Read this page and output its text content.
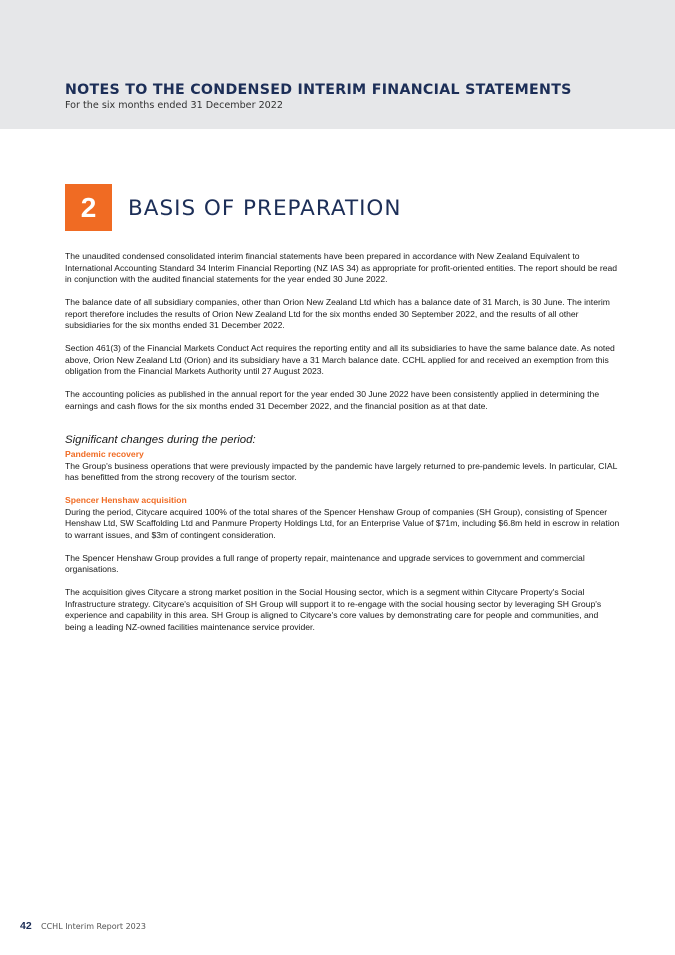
NOTES TO THE CONDENSED INTERIM FINANCIAL STATEMENTS

For the six months ended 31 December 2022

2	BASIS OF PREPARATION

The unaudited condensed consolidated interim financial statements have been prepared in accordance with New Zealand Equivalent to International Accounting Standard 34 Interim Financial Reporting (NZ IAS 34) as appropriate for profit-oriented entities. The report should be read in conjunction with the audited financial statements for the year ended 30 June 2022.

The balance date of all subsidiary companies, other than Orion New Zealand Ltd which has a balance date of 31 March, is 30 June. The interim report therefore includes the results of Orion New Zealand Ltd for the six months ended 30 September 2022, and the results of all other subsidiaries for the six months ended 31 December 2022.

Section 461(3) of the Financial Markets Conduct Act requires the reporting entity and all its subsidiaries to have the same balance date. As noted above, Orion New Zealand Ltd (Orion) and its subsidiary have a 31 March balance date. CCHL applied for and received an exemption from this obligation from the Financial Markets Authority until 27 August 2023.

The accounting policies as published in the annual report for the year ended 30 June 2022 have been consistently applied in determining the earnings and cash flows for the six months ended 31 December 2022, and the financial position as at that date.

Significant changes during the period:
Pandemic recovery

The Group's business operations that were previously impacted by the pandemic have largely returned to pre-pandemic levels. In particular, CIAL has benefitted from the strong recovery of the tourism sector.

Spencer Henshaw acquisition

During the period, Citycare acquired 100% of the total shares of the Spencer Henshaw Group of companies (SH Group), consisting of Spencer Henshaw Ltd, SW Scaffolding Ltd and Panmure Property Holdings Ltd, for an Enterprise Value of $71m, including $6.8m held in escrow in relation to warrant issues, and $3m of contingent consideration.

The Spencer Henshaw Group provides a full range of property repair, maintenance and upgrade services to government and commercial organisations.

The acquisition gives Citycare a strong market position in the Social Housing sector, which is a segment within Citycare Property's Social Infrastructure strategy. Citycare's acquisition of SH Group will support it to re-engage with the social housing sector by leveraging SH Group's experience and capability in this area. SH Group is aligned to Citycare's core values by demonstrating care for people and communities, and being a leading NZ-owned facilities maintenance service provider.

42 CCHL Interim Report 2023
